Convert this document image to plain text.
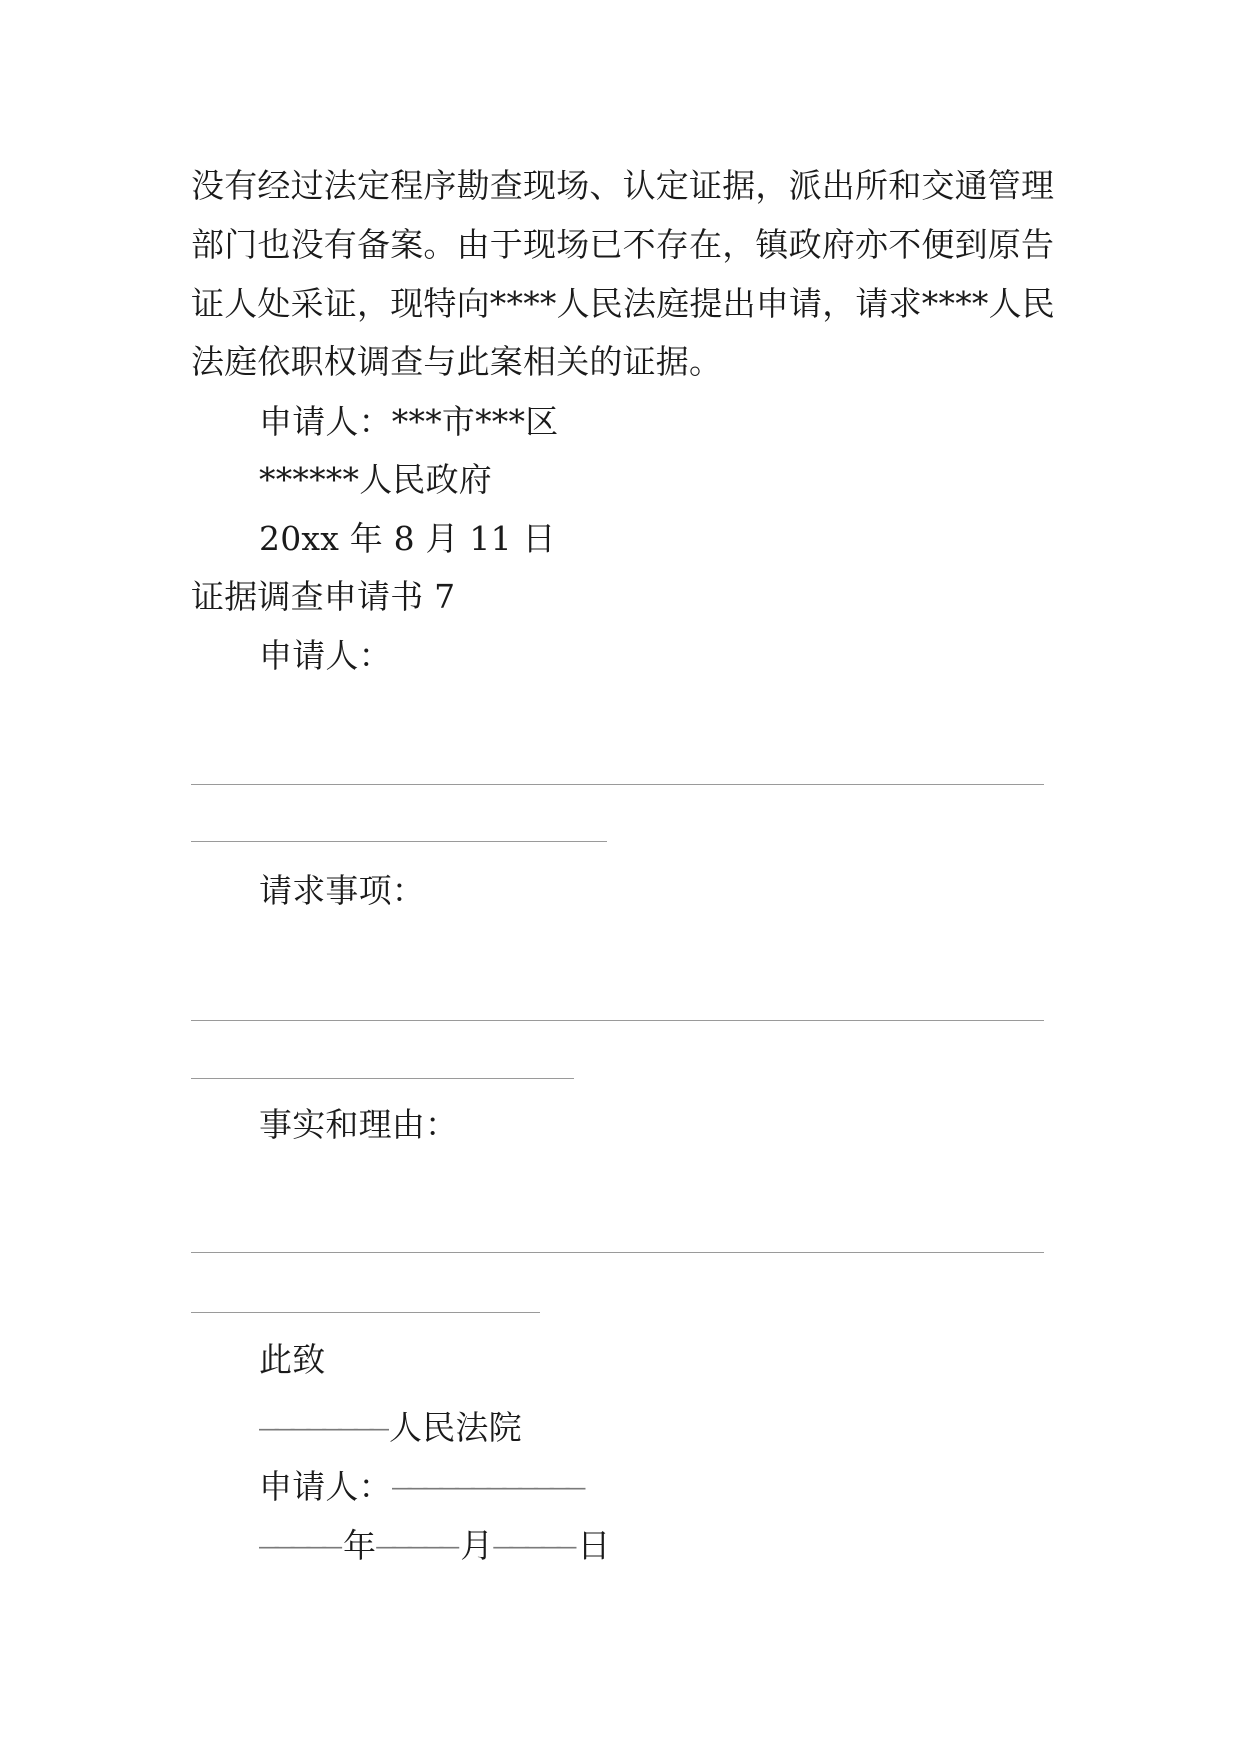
没有经过法定程序勘查现场、认定证据，派出所和交通管理
部门也没有备案。由于现场已不存在，镇政府亦不便到原告
证人处采证，现特向****人民法庭提出申请，请求****人民
法庭依职权调查与此案相关的证据。
申请人：***市***区
******人民政府
20xx 年 8 月 11 日
证据调查申请书 7
申请人：
请求事项：
事实和理由：
此致
________ 人民法院
申请人：____________
_____ 年_____ 月_____ 日
